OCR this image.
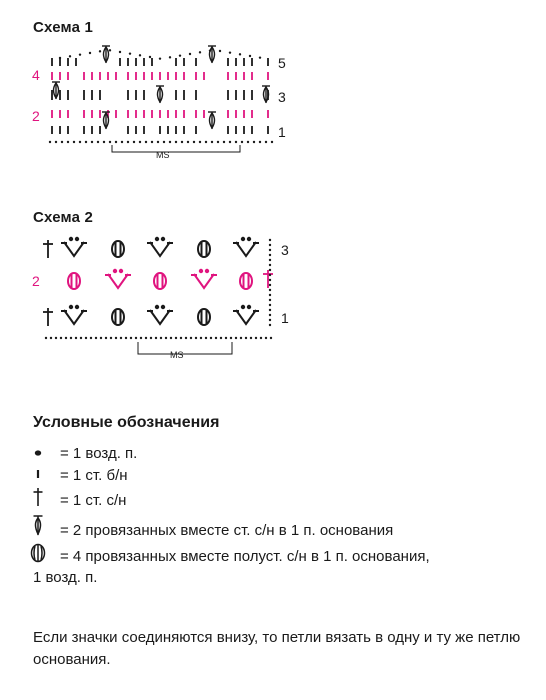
Схема 1
4
2
5
3
1
MS
Схема 2
2
3
1
MS
Условные обозначения
= 1 возд. п.
= 1 ст. б/н
= 1 ст. с/н
= 2 провязанных вместе ст. с/н в 1 п. основания
= 4 провязанных вместе полуст. с/н в 1 п. основания,
1 возд. п.
Если значки соединяются внизу, то петли вязать в одну и ту же петлю основания.
